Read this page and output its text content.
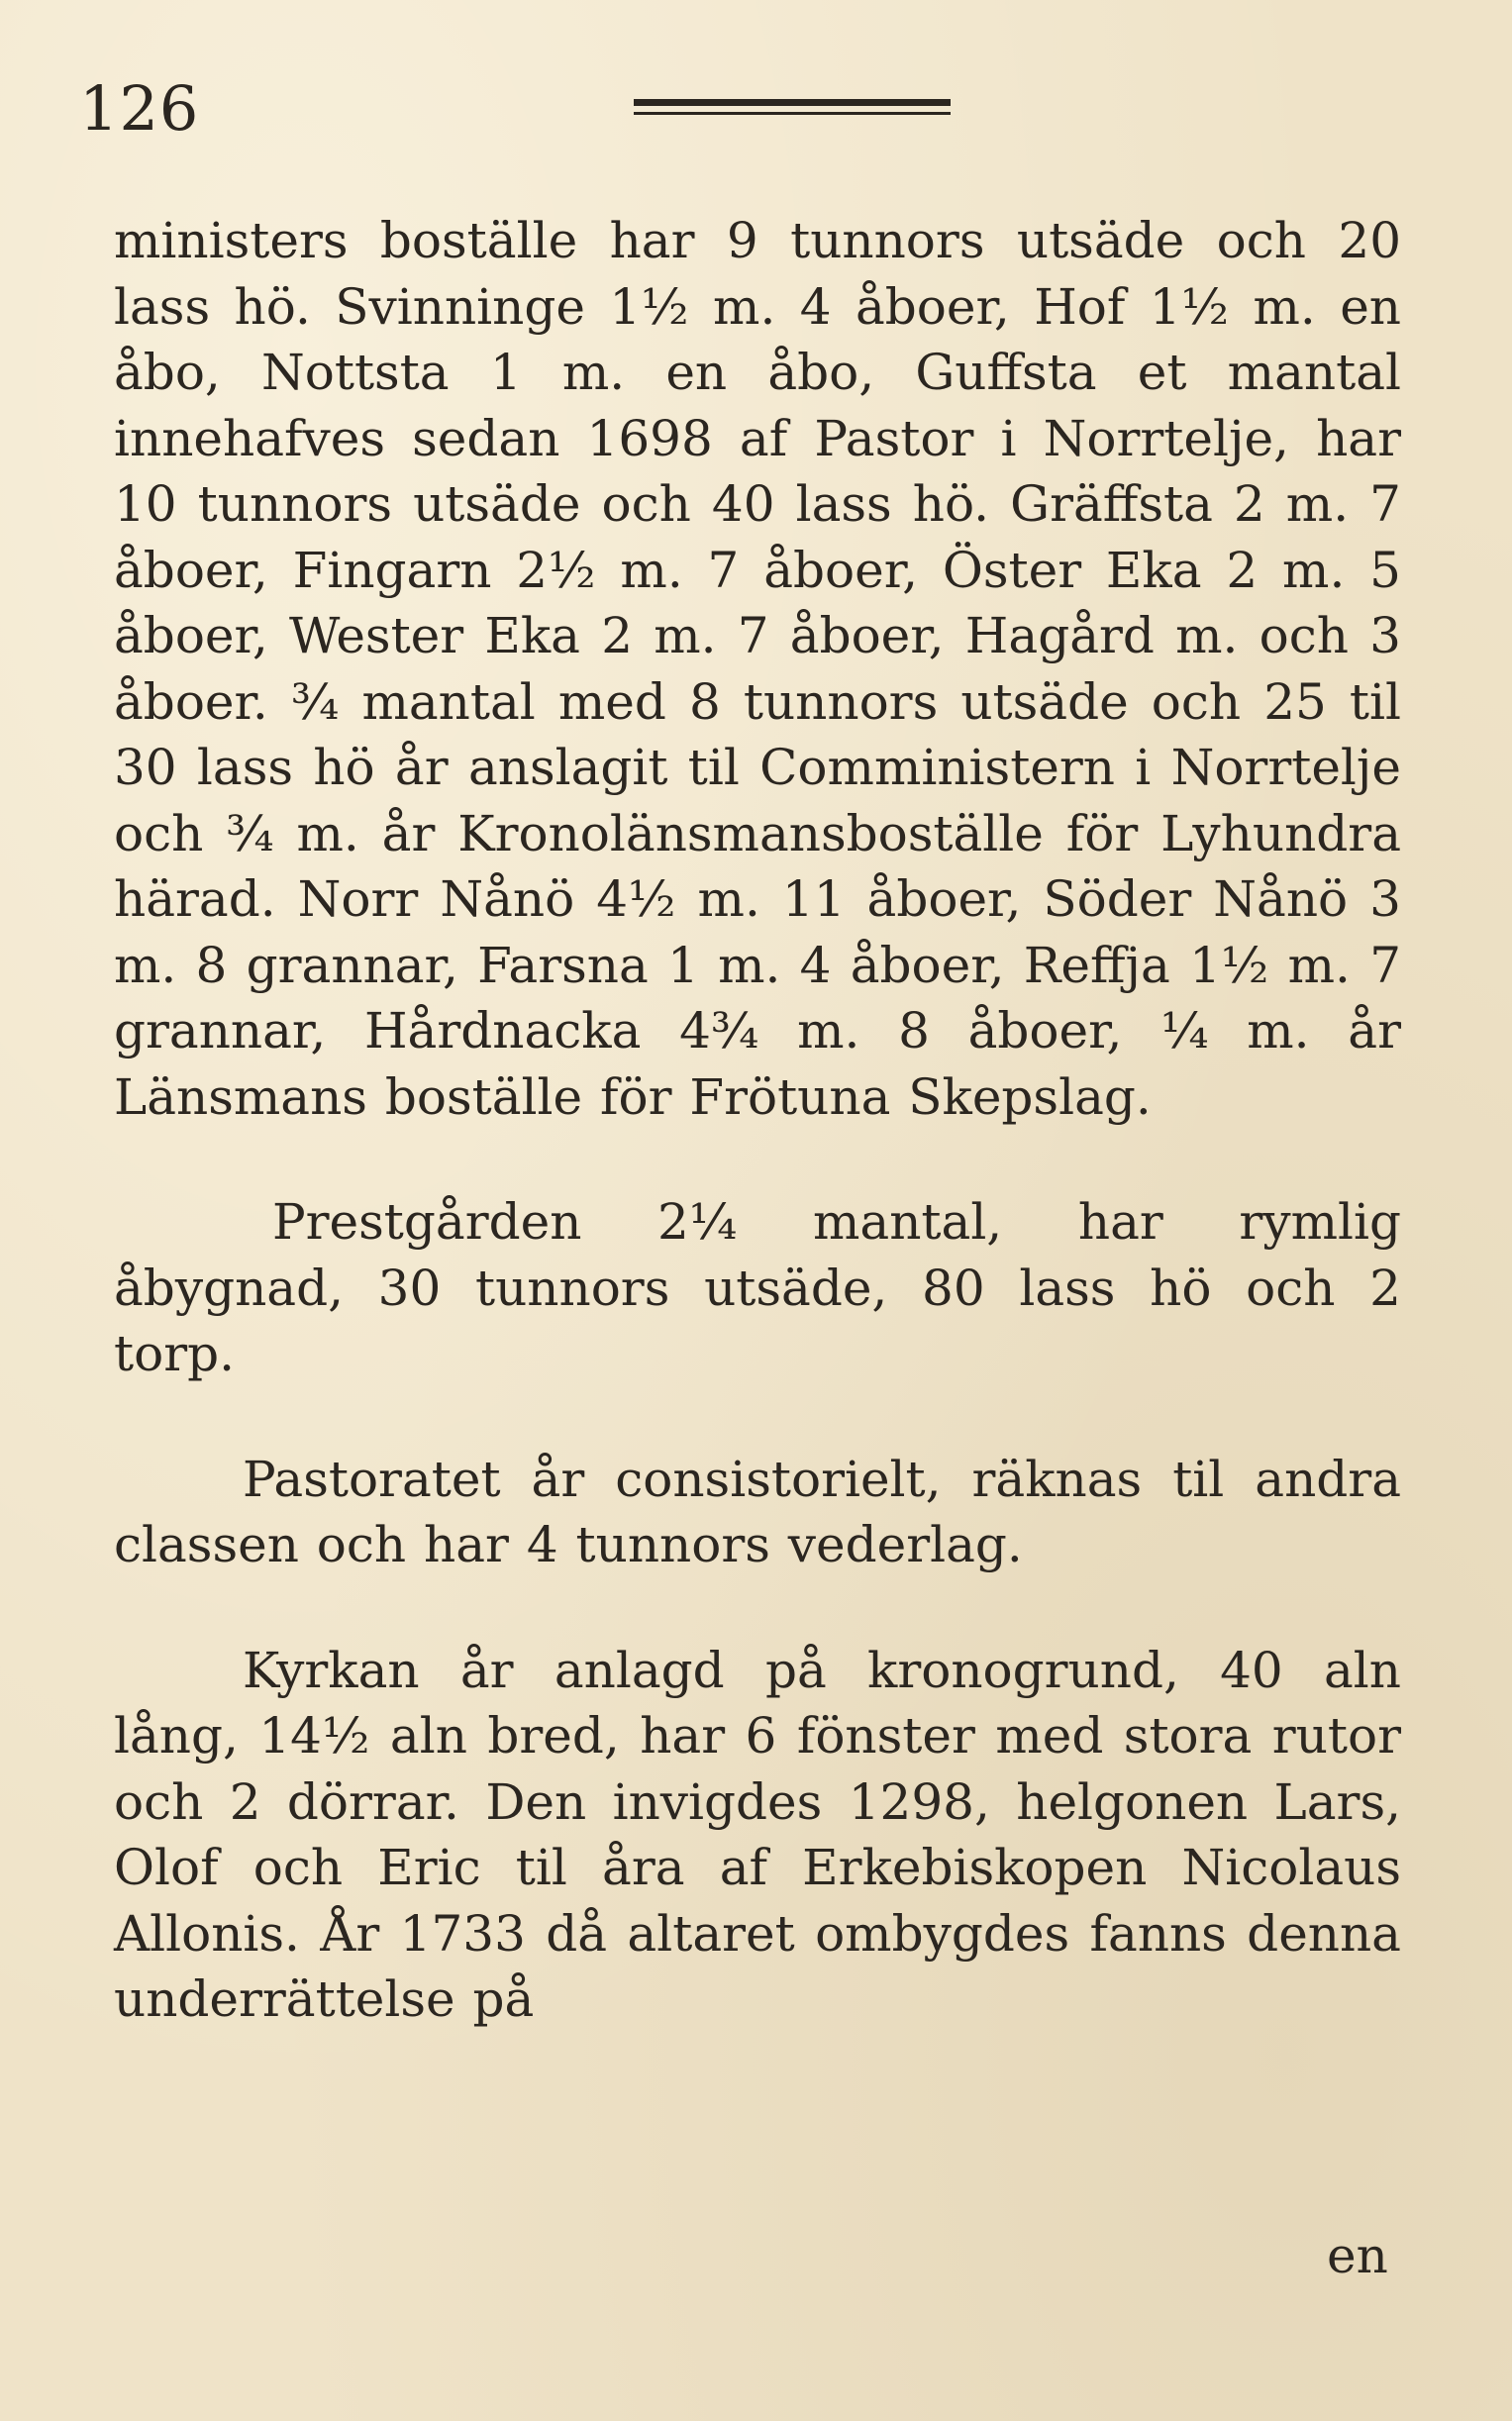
126

ministers boställe har 9 tunnors utsäde och 20 lass hö. Svinninge 1½ m. 4 åboer, Hof 1½ m. en åbo, Nottsta 1 m. en åbo, Guffsta et mantal innehafves sedan 1698 af Pastor i Norrtelje, har 10 tunnors utsäde och 40 lass hö. Gräffsta 2 m. 7 åboer, Fingarn 2½ m. 7 åboer, Öster Eka 2 m. 5 åboer, Wester Eka 2 m. 7 åboer, Hagård m. och 3 åboer. ¾ mantal med 8 tunnors utsäde och 25 til 30 lass hö år anslagit til Comministern i Norrtelje och ¾ m. år Kronolänsmansboställe för Lyhundra härad. Norr Nånö 4½ m. 11 åboer, Söder Nånö 3 m. 8 grannar, Farsna 1 m. 4 åboer, Reffja 1½ m. 7 grannar, Hårdnacka 4¾ m. 8 åboer, ¼ m. år Länsmans boställe för Frötuna Skepslag.

Prestgården 2¼ mantal, har rymlig åbygnad, 30 tunnors utsäde, 80 lass hö och 2 torp.

Pastoratet år consistorielt, räknas til andra classen och har 4 tunnors vederlag.

Kyrkan år anlagd på kronogrund, 40 aln lång, 14½ aln bred, har 6 fönster med stora rutor och 2 dörrar. Den invigdes 1298, helgonen Lars, Olof och Eric til åra af Erkebiskopen Nicolaus Allonis. År 1733 då altaret ombygdes fanns denna underrättelse på

en
